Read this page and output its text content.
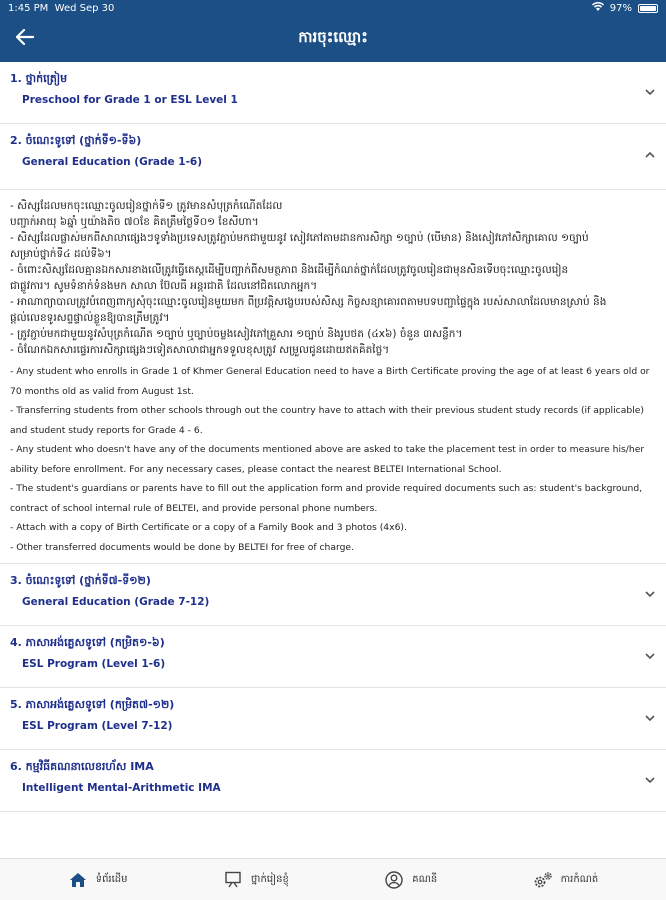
1:45 PM Wed Sep 30	97%
ការចុះឈ្មោះ
1. ថ្នាក់ត្រៀម
Preschool for Grade 1 or ESL Level 1
2. ចំណេះទូទៅ (ថ្នាក់ទី១-ទី៦)
General Education (Grade 1-6)
- សិស្សដែលមកចុះឈ្មោះចូលរៀនថ្នាក់ទី១ ត្រូវមានសំបុត្រកំណើតដែល
បញ្ជាក់អាយុ ៦ឆ្នាំ ឬយ៉ាងតិច ៧០ខែ គិតត្រឹមថ្ងៃទី០១ ខែសីហា។
- សិស្សដែលផ្លាស់មកពីសាលាផ្សេងៗទូទាំងប្រទេសត្រូវភ្ជាប់មកជាមួយនូវ សៀវភៅតាមដានការសិក្សា ១ច្បាប់ (បើមាន) និងសៀវភៅសិក្សាគោល ១ច្បាប់
សម្រាប់ថ្នាក់ទី៤ ដល់ទី៦។
- ចំពោះសិស្សដែលគ្មានឯកសារខាងលើត្រូវធ្វើតេស្តដើម្បីបញ្ជាក់ពីសមត្ថភាព និងដើម្បីកំណត់ថ្នាក់ដែលត្រូវចូលរៀនជាមុនសិនទើបចុះឈ្មោះចូលរៀន
ជាផ្លូវការ។ សូមទំនាក់ទំនងមក សាលា ប៊ែលធី អន្តរជាតិ ដែលនៅជិតលោកអ្នក។
- អាណាព្យាបាលត្រូវបំពេញពាក្យសុំចុះឈ្មោះចូលរៀនមួយមក ពីប្រវត្តិសង្ខេបរបស់សិស្ស កិច្ចសន្យាគោរពតាមបទបញ្ជាផ្ទៃក្នុង របស់សាលាដែលមានស្រាប់ និង
ផ្តល់លេខទូរសព្ទផ្ទាល់ខ្លួនឱ្យបានត្រឹមត្រូវ។
- ត្រូវភ្ជាប់មកជាមួយនូវសំបុត្រកំណើត ១ច្បាប់ ឬច្បាប់ចម្លងសៀវភៅគ្រួសារ ១ច្បាប់ និងរូបថត (៤x៦) ចំនួន ៣សន្លឹក។
- ចំណែកឯកសារផ្ទេរការសិក្សាផ្សេងៗទៀតសាលាជាអ្នកទទួលខុសត្រូវ សម្រួលជូនដោយឥតគិតថ្លៃ។
- Any student who enrolls in Grade 1 of Khmer General Education need to have a Birth Certificate proving the age of at least 6 years old or
70 months old as valid from August 1st.
- Transferring students from other schools through out the country have to attach with their previous student study records (if applicable)
and student study reports for Grade 4 - 6.
- Any student who doesn't have any of the documents mentioned above are asked to take the placement test in order to measure his/her
ability before enrollment. For any necessary cases, please contact the nearest BELTEI International School.
- The student's guardians or parents have to fill out the application form and provide required documents such as: student's background,
contract of school internal rule of BELTEI, and provide personal phone numbers.
- Attach with a copy of Birth Certificate or a copy of a Family Book and 3 photos (4x6).
- Other transferred documents would be done by BELTEI for free of charge.
3. ចំណេះទូទៅ (ថ្នាក់ទី៧-ទី១២)
General Education (Grade 7-12)
4. ភាសាអង់គ្លេសទូទៅ (កម្រិត១-៦)
ESL Program (Level 1-6)
5. ភាសាអង់គ្លេសទូទៅ (កម្រិត៧-១២)
ESL Program (Level 7-12)
6. កម្មវិធីគណនាលេខរហ័ស IMA
Intelligent Mental-Arithmetic IMA
ទំព័រដើម	ថ្នាក់រៀនខ្ញុំ	គណនី	ការកំណត់
